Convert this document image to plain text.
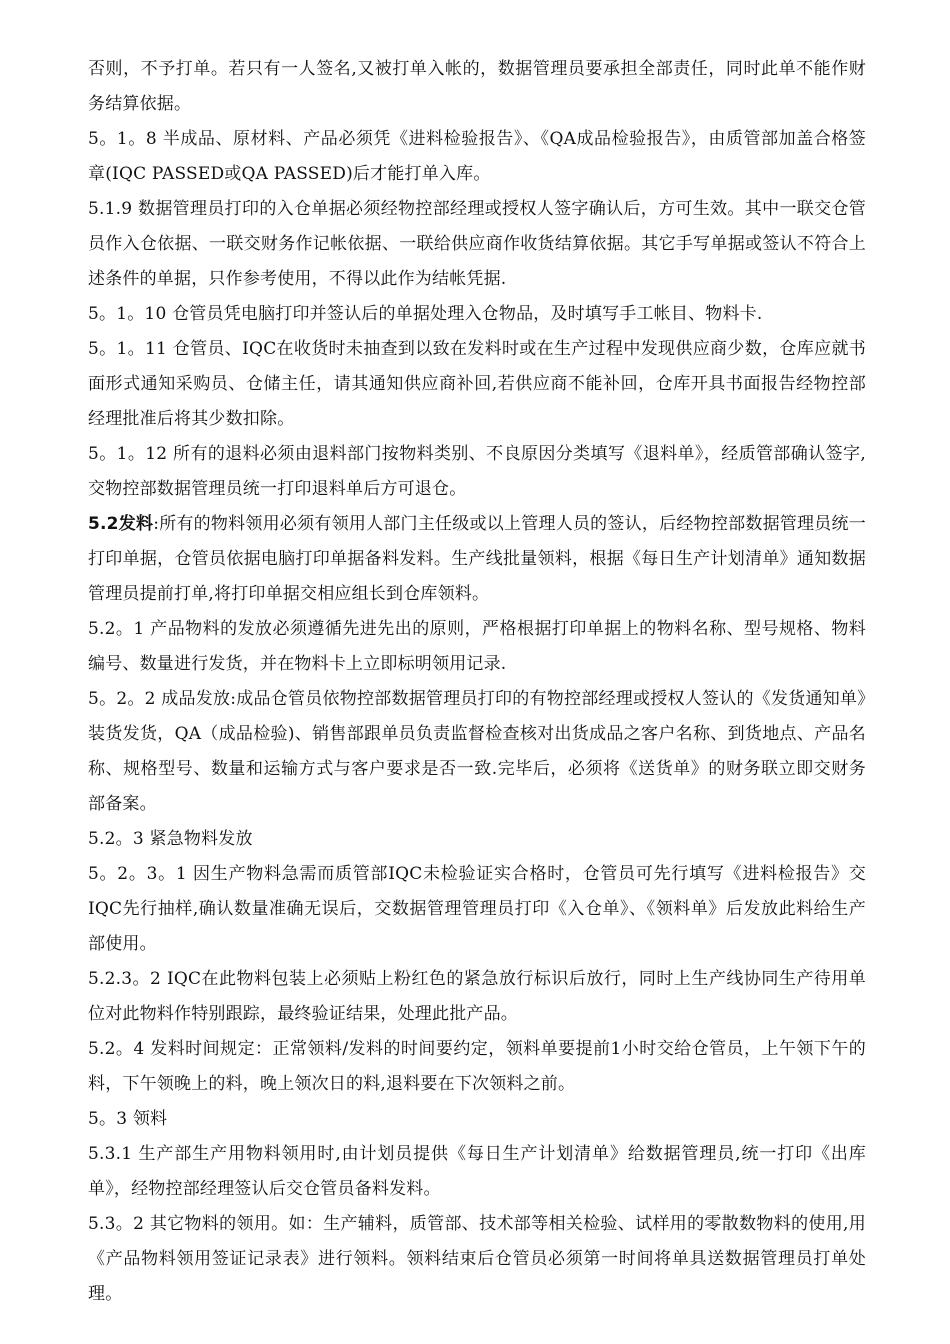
否则，不予打单。若只有一人签名,又被打单入帐的，数据管理员要承担全部责任，同时此单不能作财务结算依据。

5。1。8 半成品、原材料、产品必须凭《进料检验报告》、《QA成品检验报告》，由质管部加盖合格签章(IQC PASSED或QA PASSED)后才能打单入库。

5.1.9 数据管理员打印的入仓单据必须经物控部经理或授权人签字确认后，方可生效。其中一联交仓管员作入仓依据、一联交财务作记帐依据、一联给供应商作收货结算依据。其它手写单据或签认不符合上述条件的单据，只作参考使用，不得以此作为结帐凭据.

5。1。10 仓管员凭电脑打印并签认后的单据处理入仓物品，及时填写手工帐目、物料卡.

5。1。11 仓管员、IQC在收货时未抽查到以致在发料时或在生产过程中发现供应商少数，仓库应就书面形式通知采购员、仓储主任，请其通知供应商补回,若供应商不能补回，仓库开具书面报告经物控部经理批准后将其少数扣除。

5。1。12 所有的退料必须由退料部门按物料类别、不良原因分类填写《退料单》，经质管部确认签字,交物控部数据管理员统一打印退料单后方可退仓。

5.2发料:所有的物料领用必须有领用人部门主任级或以上管理人员的签认，后经物控部数据管理员统一打印单据，仓管员依据电脑打印单据备料发料。生产线批量领料，根据《每日生产计划清单》通知数据管理员提前打单,将打印单据交相应组长到仓库领料。

5.2。1 产品物料的发放必须遵循先进先出的原则，严格根据打印单据上的物料名称、型号规格、物料编号、数量进行发货，并在物料卡上立即标明领用记录.

5。2。2 成品发放:成品仓管员依物控部数据管理员打印的有物控部经理或授权人签认的《发货通知单》装货发货，QA（成品检验)、销售部跟单员负责监督检查核对出货成品之客户名称、到货地点、产品名称、规格型号、数量和运输方式与客户要求是否一致.完毕后，必须将《送货单》的财务联立即交财务部备案。

5.2。3 紧急物料发放

5。2。3。1 因生产物料急需而质管部IQC未检验证实合格时，仓管员可先行填写《进料检报告》交IQC先行抽样,确认数量准确无误后，交数据管理管理员打印《入仓单》、《领料单》后发放此料给生产部使用。

5.2.3。2 IQC在此物料包装上必须贴上粉红色的紧急放行标识后放行，同时上生产线协同生产待用单位对此物料作特别跟踪，最终验证结果，处理此批产品。

5.2。4 发料时间规定：正常领料/发料的时间要约定，领料单要提前1小时交给仓管员，上午领下午的料，下午领晚上的料，晚上领次日的料,退料要在下次领料之前。

5。3 领料

5.3.1 生产部生产用物料领用时,由计划员提供《每日生产计划清单》给数据管理员,统一打印《出库单》，经物控部经理签认后交仓管员备料发料。

5.3。2 其它物料的领用。如：生产辅料，质管部、技术部等相关检验、试样用的零散数物料的使用,用《产品物料领用签证记录表》进行领料。领料结束后仓管员必须第一时间将单具送数据管理员打单处理。
